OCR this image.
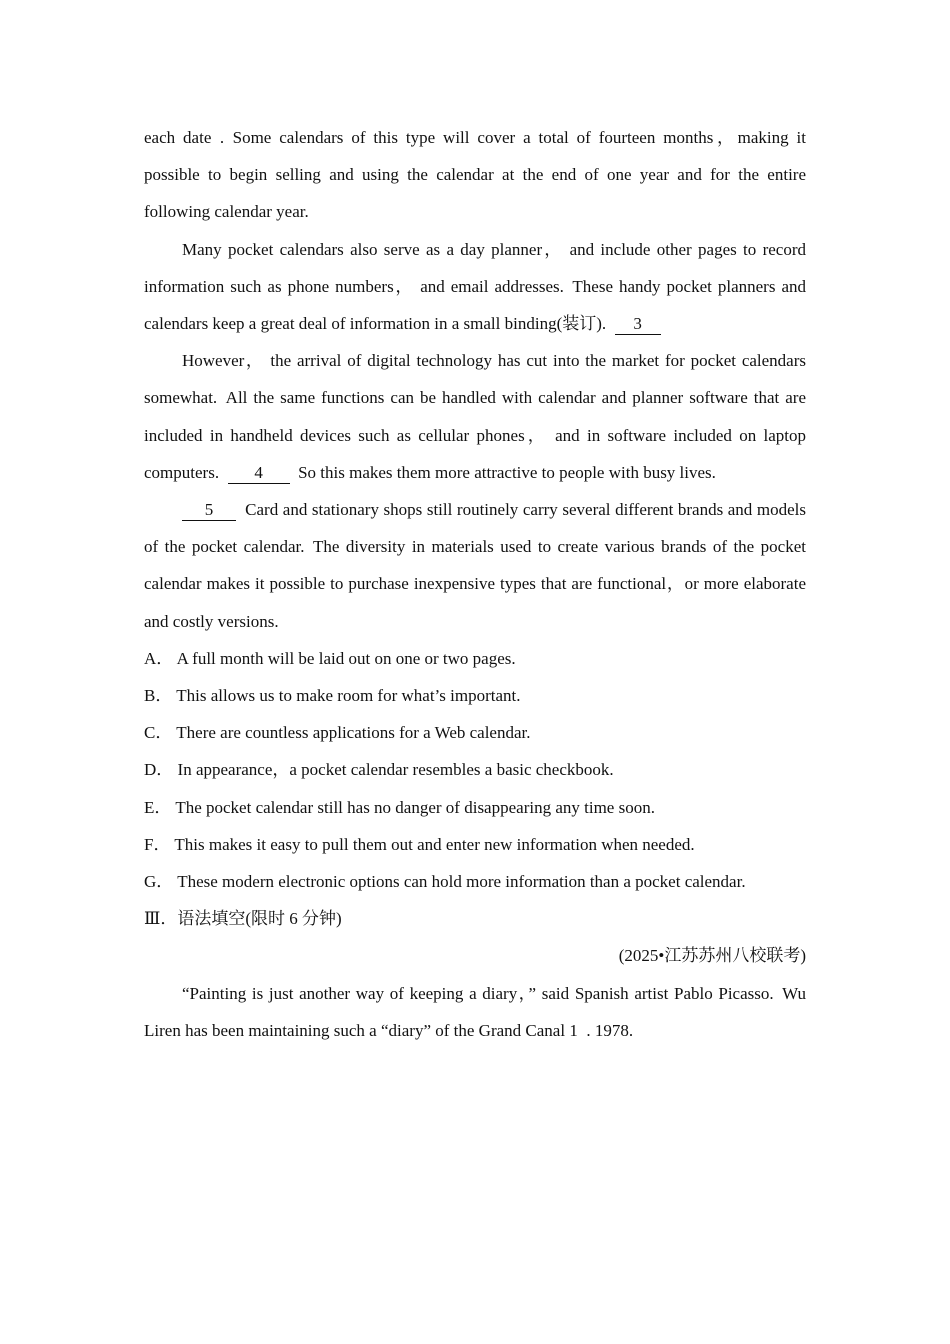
each date . Some calendars of this type will cover a total of fourteen months，making it possible to begin selling and using the calendar at the end of one year and for the entire following calendar year.

Many pocket calendars also serve as a day planner， and include other pages to record information such as phone numbers， and email addresses. These handy pocket planners and calendars keep a great deal of information in a small binding(装订). 3

However， the arrival of digital technology has cut into the market for pocket calendars somewhat. All the same functions can be handled with calendar and planner software that are included in handheld devices such as cellular phones， and in software included on laptop computers. 4 So this makes them more attractive to people with busy lives.

5 Card and stationary shops still routinely carry several different brands and models of the pocket calendar. The diversity in materials used to create various brands of the pocket calendar makes it possible to purchase inexpensive types that are functional，or more elaborate and costly versions.

A． A full month will be laid out on one or two pages.

B． This allows us to make room for what’s important.

C． There are countless applications for a Web calendar.

D． In appearance，a pocket calendar resembles a basic checkbook.

E． The pocket calendar still has no danger of disappearing any time soon.

F． This makes it easy to pull them out and enter new information when needed.

G． These modern electronic options can hold more information than a pocket calendar.

Ⅲ．语法填空(限时 6 分钟)

(2025•江苏苏州八校联考)

“Painting is just another way of keeping a diary，” said Spanish artist Pablo Picasso. Wu Liren has been maintaining such a “diary” of the Grand Canal 1 . 1978.
